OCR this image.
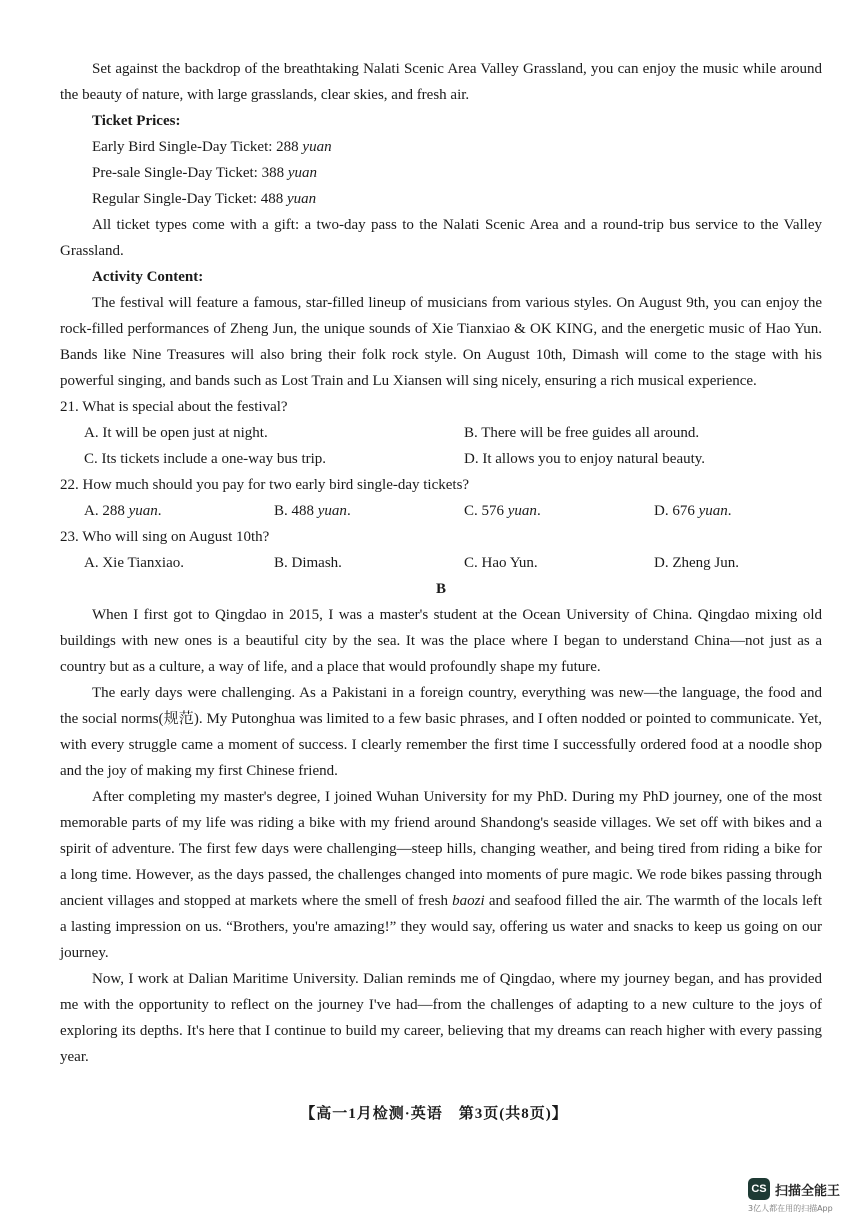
Set against the backdrop of the breathtaking Nalati Scenic Area Valley Grassland, you can enjoy the music while around the beauty of nature, with large grasslands, clear skies, and fresh air.

Ticket Prices:

Early Bird Single-Day Ticket: 288 yuan

Pre-sale Single-Day Ticket: 388 yuan

Regular Single-Day Ticket: 488 yuan

All ticket types come with a gift: a two-day pass to the Nalati Scenic Area and a round-trip bus service to the Valley Grassland.

Activity Content:

The festival will feature a famous, star-filled lineup of musicians from various styles. On August 9th, you can enjoy the rock-filled performances of Zheng Jun, the unique sounds of Xie Tianxiao & OK KING, and the energetic music of Hao Yun. Bands like Nine Treasures will also bring their folk rock style. On August 10th, Dimash will come to the stage with his powerful singing, and bands such as Lost Train and Lu Xiansen will sing nicely, ensuring a rich musical experience.

21. What is special about the festival?

A. It will be open just at night.	B. There will be free guides all around.
C. Its tickets include a one-way bus trip.	D. It allows you to enjoy natural beauty.

22. How much should you pay for two early bird single-day tickets?

A. 288 yuan.	B. 488 yuan.	C. 576 yuan.	D. 676 yuan.

23. Who will sing on August 10th?

A. Xie Tianxiao.	B. Dimash.	C. Hao Yun.	D. Zheng Jun.

B

When I first got to Qingdao in 2015, I was a master's student at the Ocean University of China. Qingdao mixing old buildings with new ones is a beautiful city by the sea. It was the place where I began to understand China—not just as a country but as a culture, a way of life, and a place that would profoundly shape my future.

The early days were challenging. As a Pakistani in a foreign country, everything was new—the language, the food and the social norms(规范). My Putonghua was limited to a few basic phrases, and I often nodded or pointed to communicate. Yet, with every struggle came a moment of success. I clearly remember the first time I successfully ordered food at a noodle shop and the joy of making my first Chinese friend.

After completing my master's degree, I joined Wuhan University for my PhD. During my PhD journey, one of the most memorable parts of my life was riding a bike with my friend around Shandong's seaside villages. We set off with bikes and a spirit of adventure. The first few days were challenging—steep hills, changing weather, and being tired from riding a bike for a long time. However, as the days passed, the challenges changed into moments of pure magic. We rode bikes passing through ancient villages and stopped at markets where the smell of fresh baozi and seafood filled the air. The warmth of the locals left a lasting impression on us. “Brothers, you're amazing!” they would say, offering us water and snacks to keep us going on our journey.

Now, I work at Dalian Maritime University. Dalian reminds me of Qingdao, where my journey began, and has provided me with the opportunity to reflect on the journey I've had—from the challenges of adapting to a new culture to the joys of exploring its depths. It's here that I continue to build my career, believing that my dreams can reach higher with every passing year.

【高一1月检测·英语　第3页(共8页)】
CS 扫描全能王
3亿人都在用的扫描App
